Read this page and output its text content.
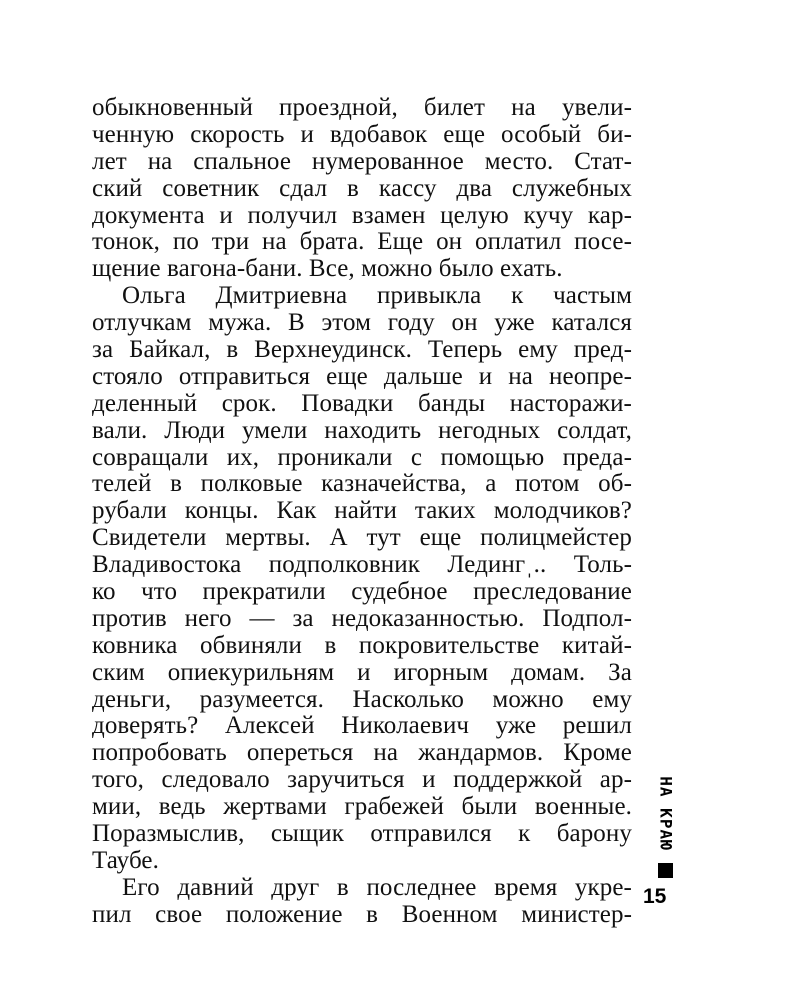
обыкновенный проездной, билет на увели-
ченную скорость и вдобавок еще особый би-
лет на спальное нумерованное место. Стат-
ский советник сдал в кассу два служебных
документа и получил взамен целую кучу кар-
тонок, по три на брата. Еще он оплатил посе-
щение вагона-бани. Все, можно было ехать.
Ольга Дмитриевна привыкла к частым
отлучкам мужа. В этом году он уже катался
за Байкал, в Верхнеудинск. Теперь ему пред-
стояло отправиться еще дальше и на неопре-
деленный срок. Повадки банды насторажи-
вали. Люди умели находить негодных солдат,
совращали их, проникали с помощью преда-
телей в полковые казначейства, а потом об-
рубали концы. Как найти таких молодчиков?
Свидетели мертвы. А тут еще полицмейстер
Владивостока подполковник Ледингˌ.. Толь-
ко что прекратили судебное преследование
против него — за недоказанностью. Подпол-
ковника обвиняли в покровительстве китай-
ским опиекурильням и игорным домам. За
деньги, разумеется. Насколько можно ему
доверять? Алексей Николаевич уже решил
попробовать опереться на жандармов. Кроме
того, следовало заручиться и поддержкой ар-
мии, ведь жертвами грабежей были военные.
Поразмыслив, сыщик отправился к барону
Таубе.
Его давний друг в последнее время укре-
пил свое положение в Военном министер-
НА КРАЮ
15
